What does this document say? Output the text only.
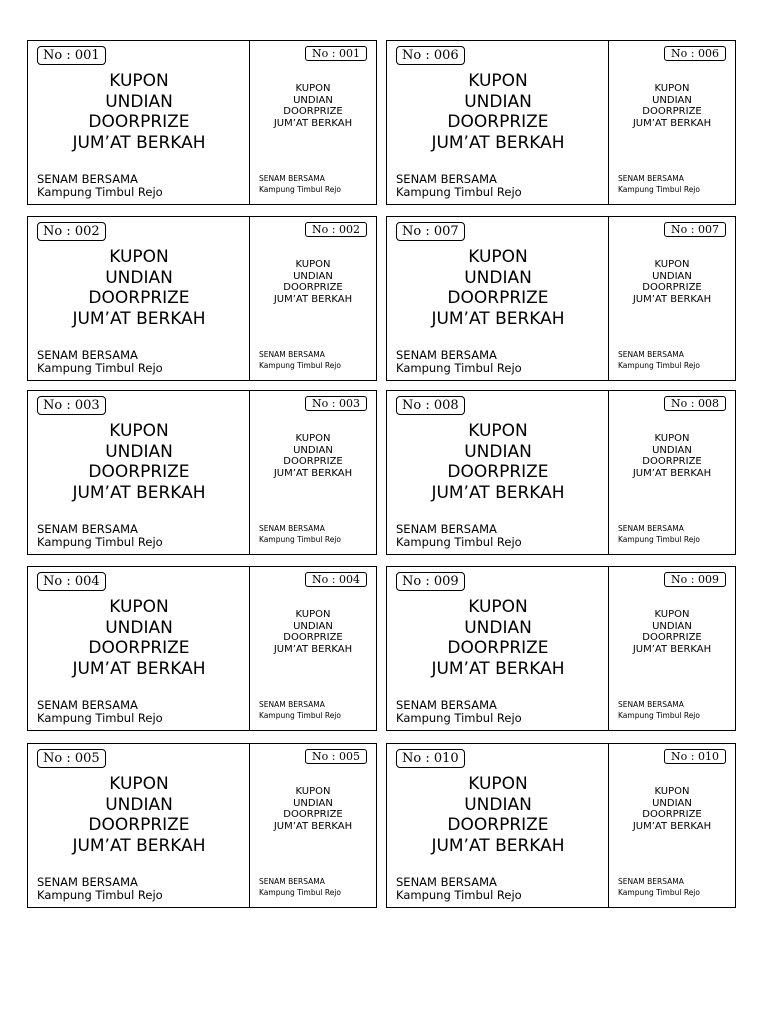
No : 001
KUPON
UNDIAN
DOORPRIZE
JUM’AT BERKAH
SENAM BERSAMA
Kampung Timbul Rejo
No : 001
KUPON
UNDIAN
DOORPRIZE
JUM’AT BERKAH
SENAM BERSAMA
Kampung Timbul Rejo
No : 002
KUPON
UNDIAN
DOORPRIZE
JUM’AT BERKAH
SENAM BERSAMA
Kampung Timbul Rejo
No : 002
KUPON
UNDIAN
DOORPRIZE
JUM’AT BERKAH
SENAM BERSAMA
Kampung Timbul Rejo
No : 003
KUPON
UNDIAN
DOORPRIZE
JUM’AT BERKAH
SENAM BERSAMA
Kampung Timbul Rejo
No : 003
KUPON
UNDIAN
DOORPRIZE
JUM’AT BERKAH
SENAM BERSAMA
Kampung Timbul Rejo
No : 004
KUPON
UNDIAN
DOORPRIZE
JUM’AT BERKAH
SENAM BERSAMA
Kampung Timbul Rejo
No : 004
KUPON
UNDIAN
DOORPRIZE
JUM’AT BERKAH
SENAM BERSAMA
Kampung Timbul Rejo
No : 005
KUPON
UNDIAN
DOORPRIZE
JUM’AT BERKAH
SENAM BERSAMA
Kampung Timbul Rejo
No : 005
KUPON
UNDIAN
DOORPRIZE
JUM’AT BERKAH
SENAM BERSAMA
Kampung Timbul Rejo
No : 006
KUPON
UNDIAN
DOORPRIZE
JUM’AT BERKAH
SENAM BERSAMA
Kampung Timbul Rejo
No : 006
KUPON
UNDIAN
DOORPRIZE
JUM’AT BERKAH
SENAM BERSAMA
Kampung Timbul Rejo
No : 007
KUPON
UNDIAN
DOORPRIZE
JUM’AT BERKAH
SENAM BERSAMA
Kampung Timbul Rejo
No : 007
KUPON
UNDIAN
DOORPRIZE
JUM’AT BERKAH
SENAM BERSAMA
Kampung Timbul Rejo
No : 008
KUPON
UNDIAN
DOORPRIZE
JUM’AT BERKAH
SENAM BERSAMA
Kampung Timbul Rejo
No : 008
KUPON
UNDIAN
DOORPRIZE
JUM’AT BERKAH
SENAM BERSAMA
Kampung Timbul Rejo
No : 009
KUPON
UNDIAN
DOORPRIZE
JUM’AT BERKAH
SENAM BERSAMA
Kampung Timbul Rejo
No : 009
KUPON
UNDIAN
DOORPRIZE
JUM’AT BERKAH
SENAM BERSAMA
Kampung Timbul Rejo
No : 010
KUPON
UNDIAN
DOORPRIZE
JUM’AT BERKAH
SENAM BERSAMA
Kampung Timbul Rejo
No : 010
KUPON
UNDIAN
DOORPRIZE
JUM’AT BERKAH
SENAM BERSAMA
Kampung Timbul Rejo
